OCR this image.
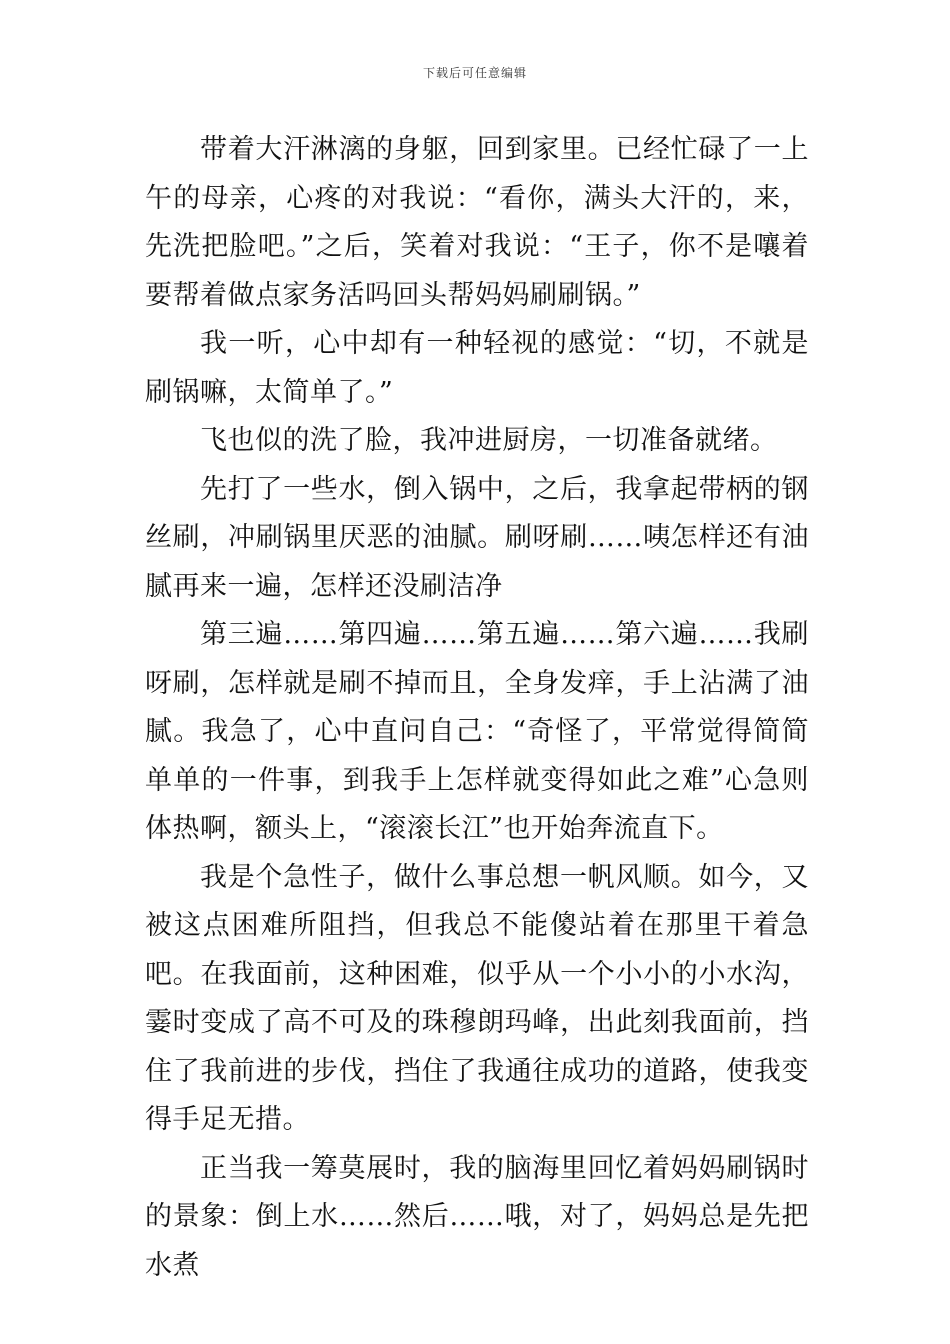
下载后可任意编辑

带着大汗淋漓的身躯，回到家里。已经忙碌了一上午的母亲，心疼的对我说：“看你，满头大汗的，来，先洗把脸吧。”之后，笑着对我说：“王子，你不是嚷着要帮着做点家务活吗回头帮妈妈刷刷锅。”

我一听，心中却有一种轻视的感觉：“切，不就是刷锅嘛，太简单了。”

飞也似的洗了脸，我冲进厨房，一切准备就绪。

先打了一些水，倒入锅中，之后，我拿起带柄的钢丝刷，冲刷锅里厌恶的油腻。刷呀刷……咦怎样还有油腻再来一遍，怎样还没刷洁净

第三遍……第四遍……第五遍……第六遍……我刷呀刷，怎样就是刷不掉而且，全身发痒，手上沾满了油腻。我急了，心中直问自己：“奇怪了，平常觉得简简单单的一件事，到我手上怎样就变得如此之难”心急则体热啊，额头上，“滚滚长江”也开始奔流直下。

我是个急性子，做什么事总想一帆风顺。如今，又被这点困难所阻挡，但我总不能傻站着在那里干着急吧。在我面前，这种困难，似乎从一个小小的小水沟，霎时变成了高不可及的珠穆朗玛峰，出此刻我面前，挡住了我前进的步伐，挡住了我通往成功的道路，使我变得手足无措。

正当我一筹莫展时，我的脑海里回忆着妈妈刷锅时的景象：倒上水……然后……哦，对了，妈妈总是先把水煮
